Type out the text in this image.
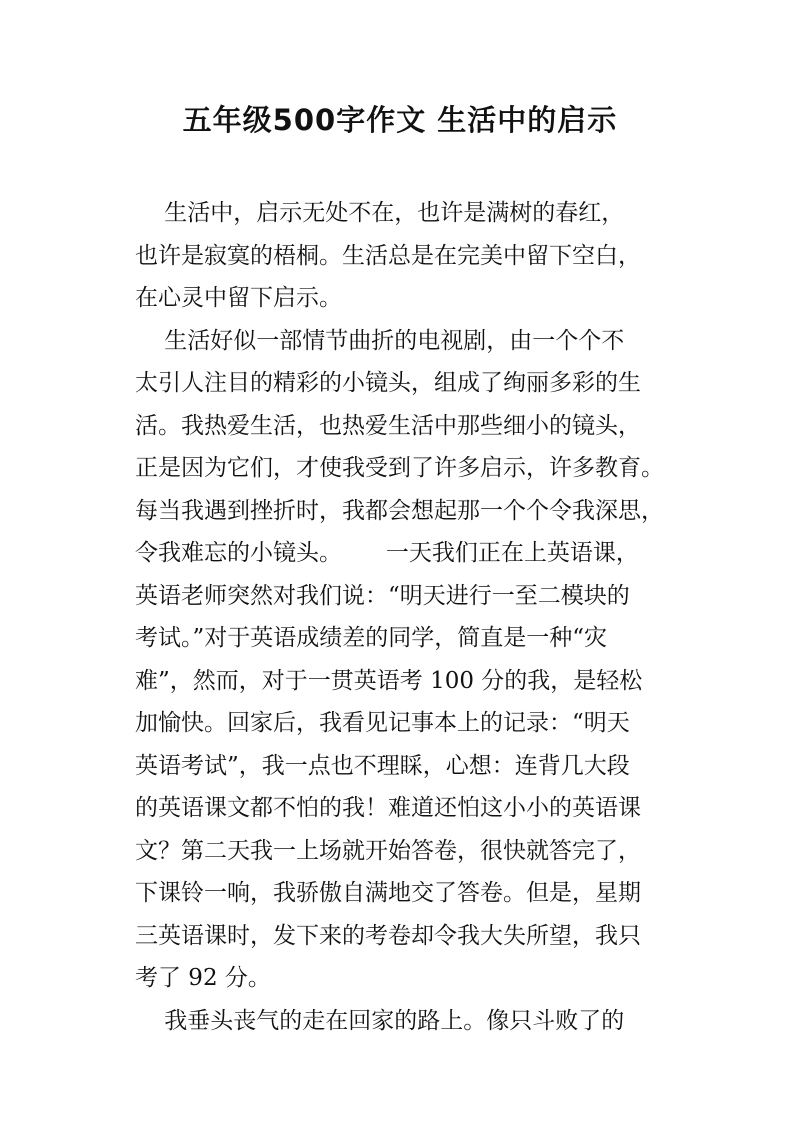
五年级500字作文 生活中的启示
生活中，启示无处不在，也许是满树的春红，
也许是寂寞的梧桐。生活总是在完美中留下空白，
在心灵中留下启示。
生活好似一部情节曲折的电视剧，由一个个不
太引人注目的精彩的小镜头，组成了绚丽多彩的生
活。我热爱生活，也热爱生活中那些细小的镜头，
正是因为它们，才使我受到了许多启示，许多教育。
每当我遇到挫折时，我都会想起那一个个令我深思，
令我难忘的小镜头。      一天我们正在上英语课，
英语老师突然对我们说：“明天进行一至二模块的
考试。”对于英语成绩差的同学，简直是一种“灾
难”，然而，对于一贯英语考 100 分的我，是轻松
加愉快。回家后，我看见记事本上的记录：“明天
英语考试”，我一点也不理睬，心想：连背几大段
的英语课文都不怕的我！难道还怕这小小的英语课
文？第二天我一上场就开始答卷，很快就答完了，
下课铃一响，我骄傲自满地交了答卷。但是，星期
三英语课时，发下来的考卷却令我大失所望，我只
考了 92 分。
我垂头丧气的走在回家的路上。像只斗败了的
